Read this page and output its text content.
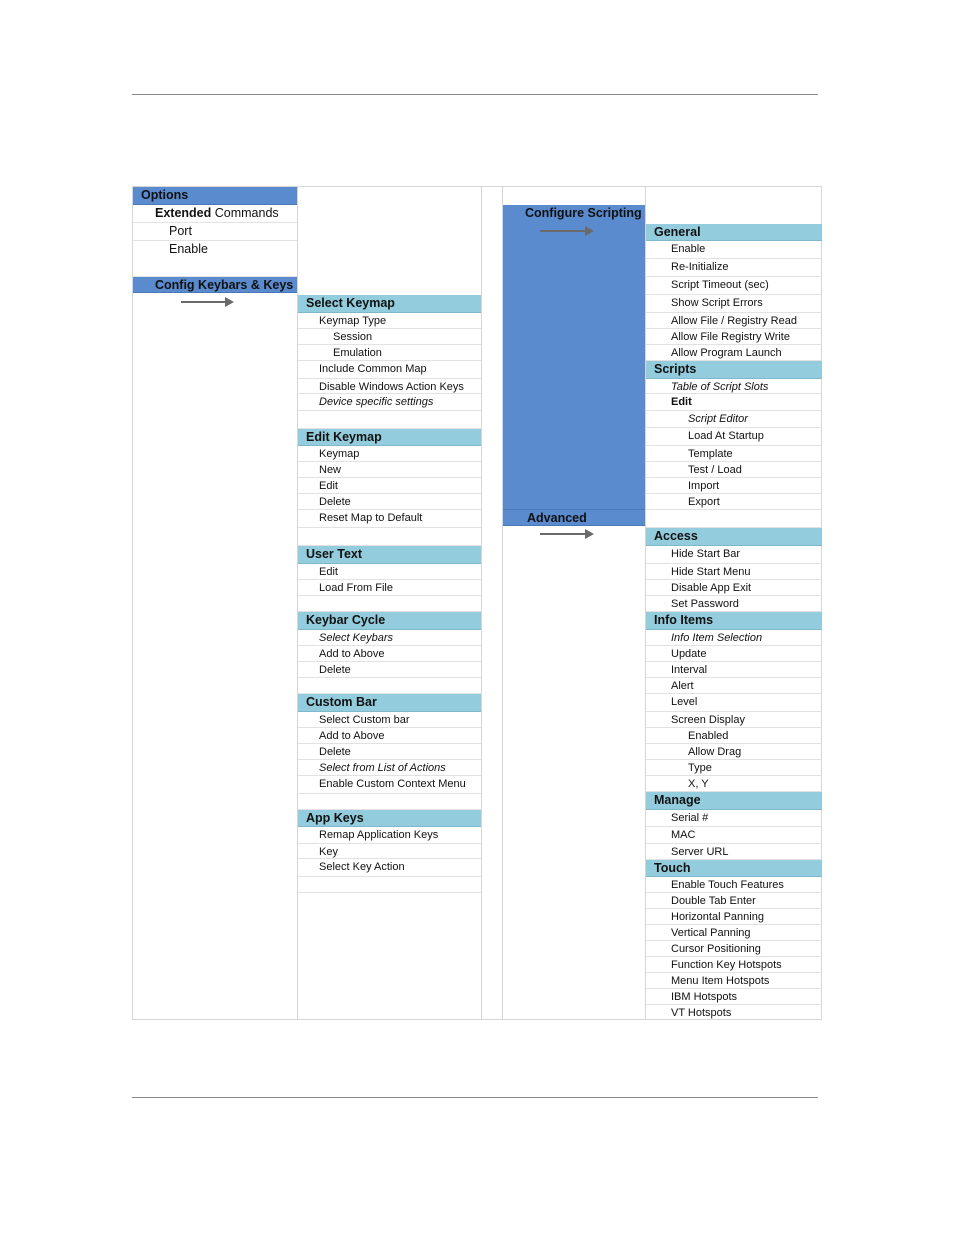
Options
Extended Commands
Port
Enable
Config Keybars & Keys
Select Keymap
Keymap Type
Session
Emulation
Include Common Map
Disable Windows Action Keys
Device specific settings
Edit Keymap
Keymap
New
Edit
Delete
Reset Map to Default
User Text
Edit
Load From File
Keybar Cycle
Select Keybars
Add to Above
Delete
Custom Bar
Select Custom bar
Add to Above
Delete
Select from List of Actions
Enable Custom Context Menu
App Keys
Remap Application Keys
Key
Select Key Action
Configure Scripting
Advanced
General
Enable
Re-Initialize
Script Timeout (sec)
Show Script Errors
Allow File / Registry Read
Allow File Registry Write
Allow Program Launch
Scripts
Table of Script Slots
Edit
Script Editor
Load At Startup
Template
Test / Load
Import
Export
Access
Hide Start Bar
Hide Start Menu
Disable App Exit
Set Password
Info Items
Info Item Selection
Update
Interval
Alert
Level
Screen Display
Enabled
Allow Drag
Type
X, Y
Manage
Serial #
MAC
Server URL
Touch
Enable Touch Features
Double Tab Enter
Horizontal Panning
Vertical Panning
Cursor Positioning
Function Key Hotspots
Menu Item Hotspots
IBM Hotspots
VT Hotspots
